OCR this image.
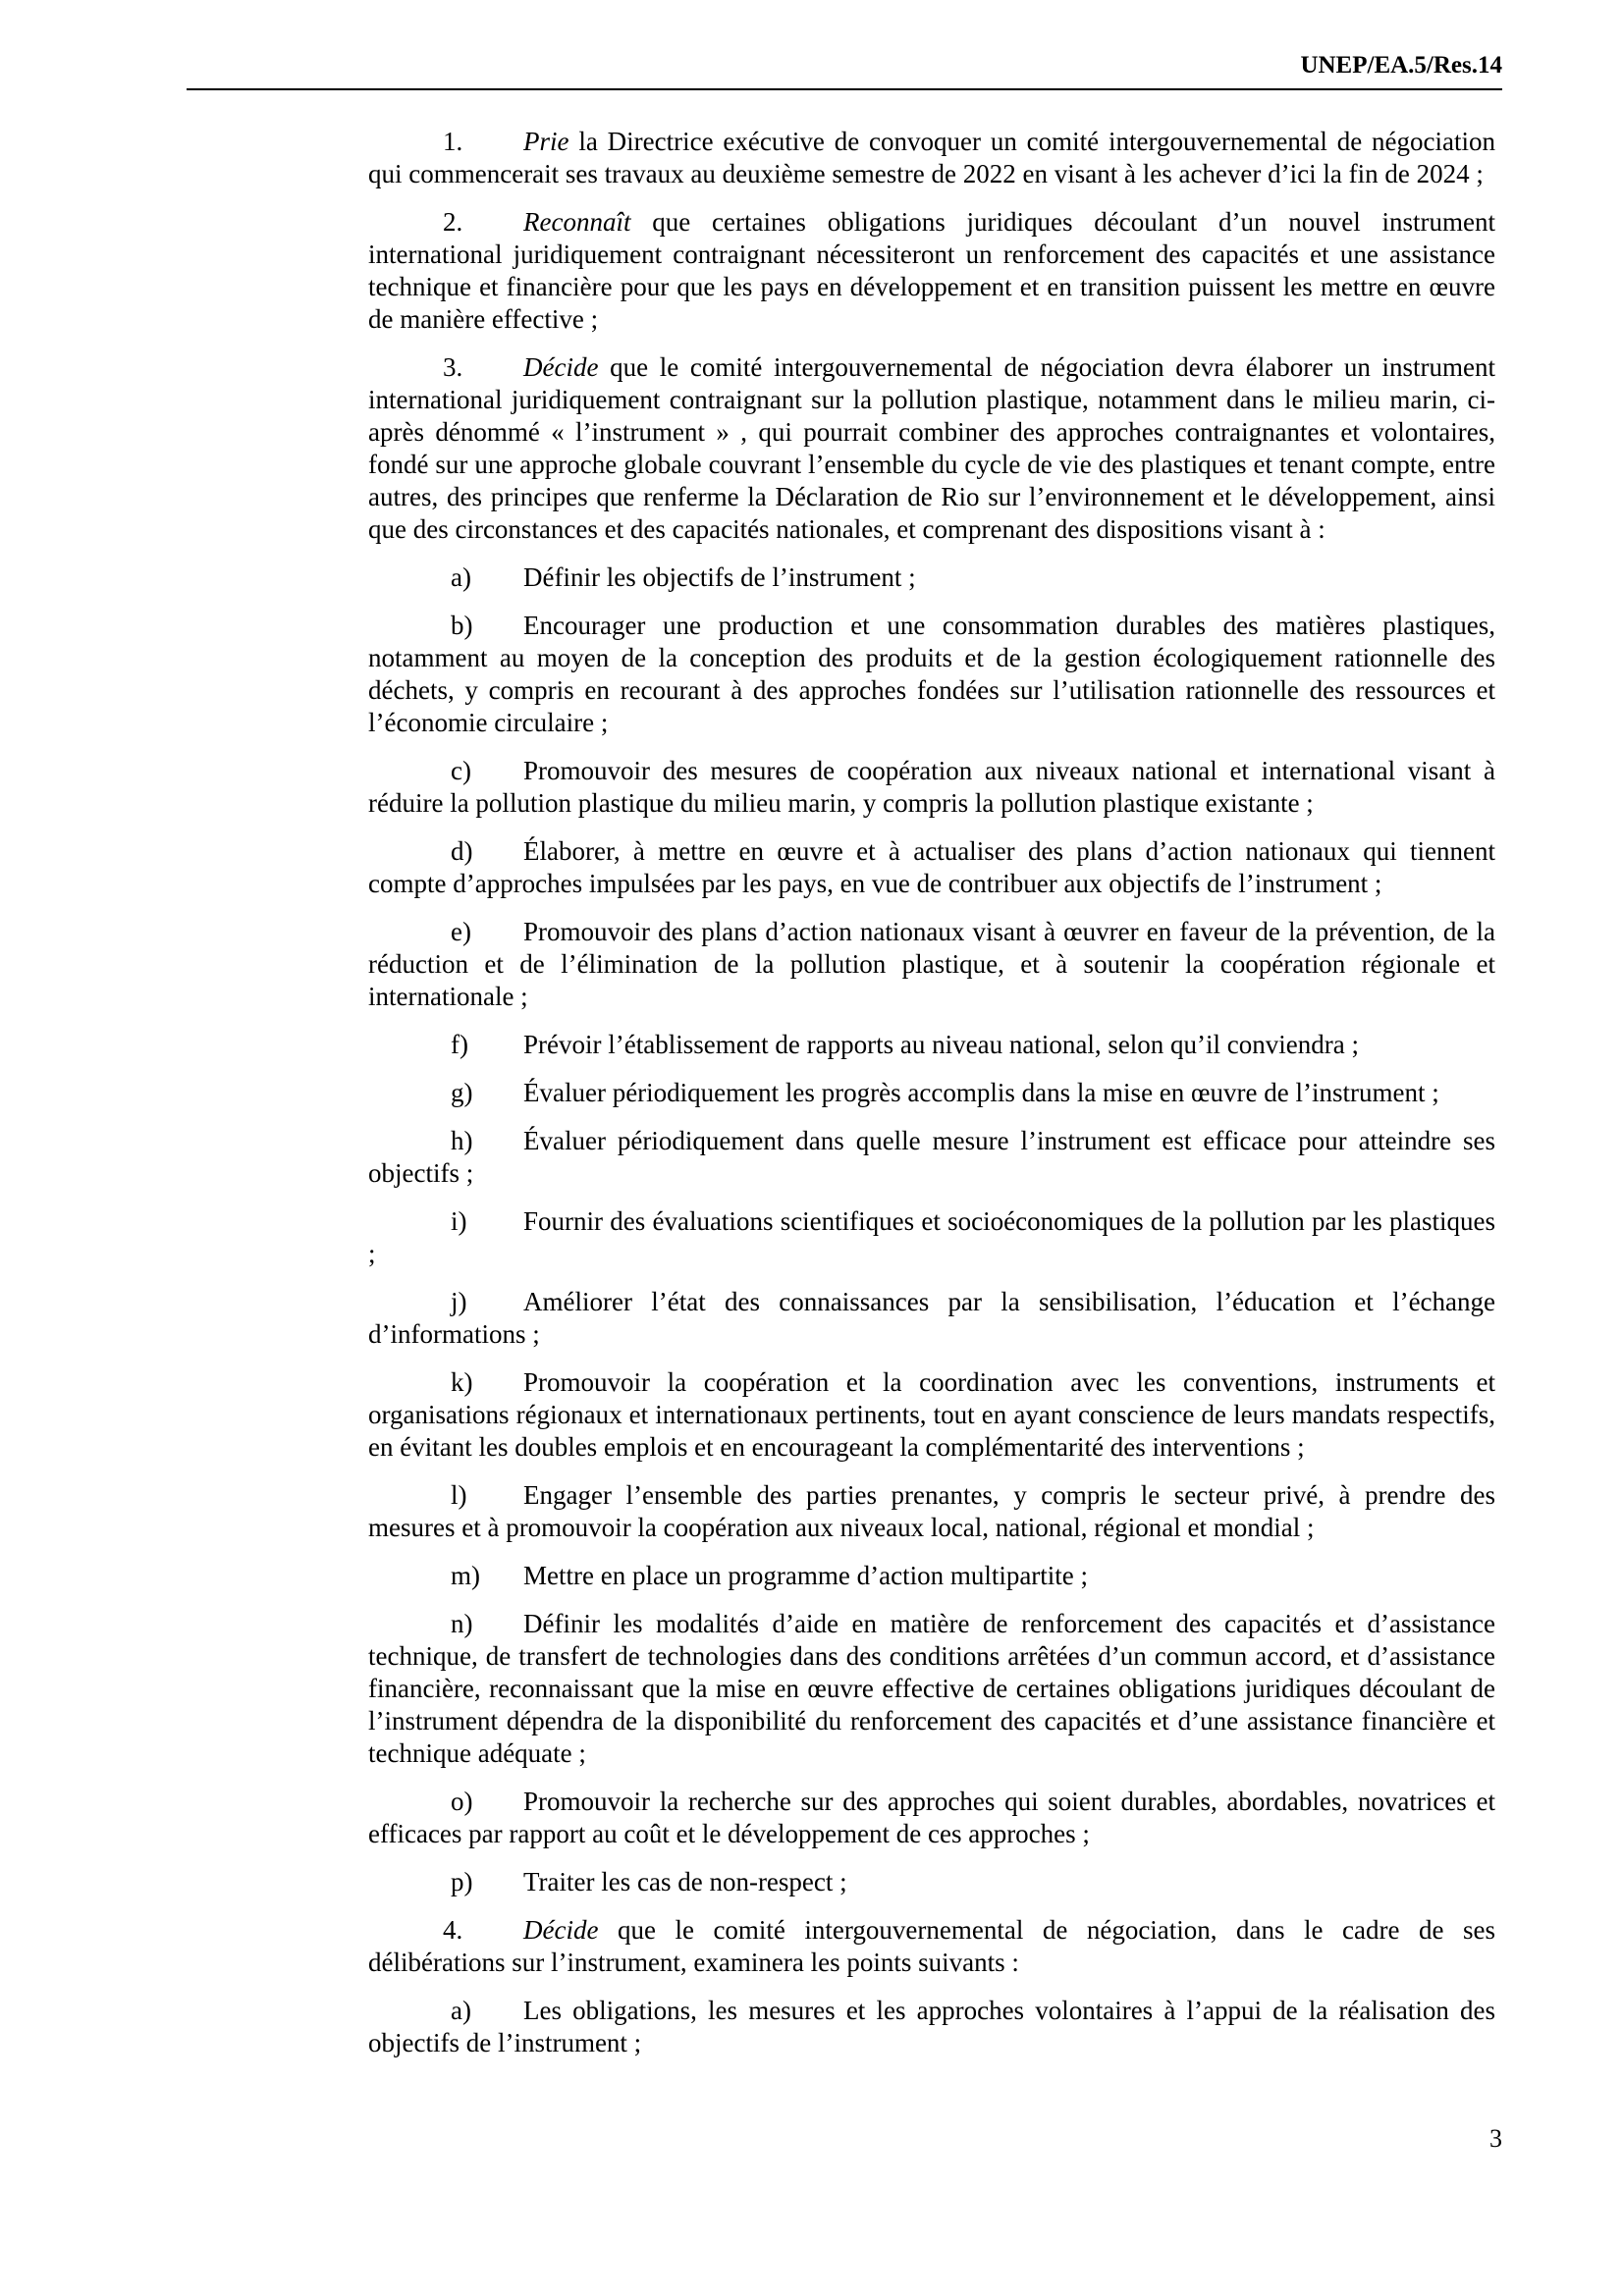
UNEP/EA.5/Res.14

1. Prie la Directrice exécutive de convoquer un comité intergouvernemental de négociation qui commencerait ses travaux au deuxième semestre de 2022 en visant à les achever d’ici la fin de 2024 ;

2. Reconnaît que certaines obligations juridiques découlant d’un nouvel instrument international juridiquement contraignant nécessiteront un renforcement des capacités et une assistance technique et financière pour que les pays en développement et en transition puissent les mettre en œuvre de manière effective ;

3. Décide que le comité intergouvernemental de négociation devra élaborer un instrument international juridiquement contraignant sur la pollution plastique, notamment dans le milieu marin, ci-après dénommé « l’instrument » , qui pourrait combiner des approches contraignantes et volontaires, fondé sur une approche globale couvrant l’ensemble du cycle de vie des plastiques et tenant compte, entre autres, des principes que renferme la Déclaration de Rio sur l’environnement et le développement, ainsi que des circonstances et des capacités nationales, et comprenant des dispositions visant à :

a) Définir les objectifs de l’instrument ;

b) Encourager une production et une consommation durables des matières plastiques, notamment au moyen de la conception des produits et de la gestion écologiquement rationnelle des déchets, y compris en recourant à des approches fondées sur l’utilisation rationnelle des ressources et l’économie circulaire ;

c) Promouvoir des mesures de coopération aux niveaux national et international visant à réduire la pollution plastique du milieu marin, y compris la pollution plastique existante ;

d) Élaborer, à mettre en œuvre et à actualiser des plans d’action nationaux qui tiennent compte d’approches impulsées par les pays, en vue de contribuer aux objectifs de l’instrument ;

e) Promouvoir des plans d’action nationaux visant à œuvrer en faveur de la prévention, de la réduction et de l’élimination de la pollution plastique, et à soutenir la coopération régionale et internationale ;

f) Prévoir l’établissement de rapports au niveau national, selon qu’il conviendra ;

g) Évaluer périodiquement les progrès accomplis dans la mise en œuvre de l’instrument ;

h) Évaluer périodiquement dans quelle mesure l’instrument est efficace pour atteindre ses objectifs ;

i) Fournir des évaluations scientifiques et socioéconomiques de la pollution par les plastiques ;

j) Améliorer l’état des connaissances par la sensibilisation, l’éducation et l’échange d’informations ;

k) Promouvoir la coopération et la coordination avec les conventions, instruments et organisations régionaux et internationaux pertinents, tout en ayant conscience de leurs mandats respectifs, en évitant les doubles emplois et en encourageant la complémentarité des interventions ;

l) Engager l’ensemble des parties prenantes, y compris le secteur privé, à prendre des mesures et à promouvoir la coopération aux niveaux local, national, régional et mondial ;

m) Mettre en place un programme d’action multipartite ;

n) Définir les modalités d’aide en matière de renforcement des capacités et d’assistance technique, de transfert de technologies dans des conditions arrêtées d’un commun accord, et d’assistance financière, reconnaissant que la mise en œuvre effective de certaines obligations juridiques découlant de l’instrument dépendra de la disponibilité du renforcement des capacités et d’une assistance financière et technique adéquate ;

o) Promouvoir la recherche sur des approches qui soient durables, abordables, novatrices et efficaces par rapport au coût et le développement de ces approches ;

p) Traiter les cas de non-respect ;

4. Décide que le comité intergouvernemental de négociation, dans le cadre de ses délibérations sur l’instrument, examinera les points suivants :

a) Les obligations, les mesures et les approches volontaires à l’appui de la réalisation des objectifs de l’instrument ;

3
